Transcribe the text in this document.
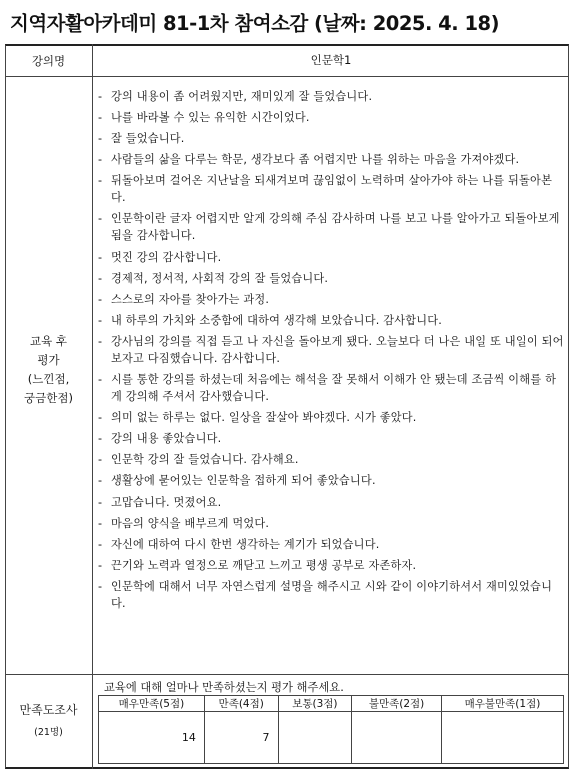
지역자활아카데미 81-1차 참여소감 (날짜: 2025. 4. 18)
강의명	인문학1
교육 후
평가
(느낀점,
궁금한점)
- 강의 내용이 좀 어려웠지만, 재미있게 잘 들었습니다.
- 나를 바라볼 수 있는 유익한 시간이었다.
- 잘 들었습니다.
- 사람들의 삶을 다루는 학문, 생각보다 좀 어렵지만 나를 위하는 마음을 가져야겠다.
- 뒤돌아보며 걸어온 지난날을 되새겨보며 끊임없이 노력하며 살아가야 하는 나를 뒤돌아본다.
- 인문학이란 글자 어렵지만 알게 강의해 주심 감사하며 나를 보고 나를 알아가고 되돌아보게 됨을 감사합니다.
- 멋진 강의 감사합니다.
- 경제적, 정서적, 사회적 강의 잘 들었습니다.
- 스스로의 자아를 찾아가는 과정.
- 내 하루의 가치와 소중함에 대하여 생각해 보았습니다. 감사합니다.
- 강사님의 강의를 직접 듣고 나 자신을 돌아보게 됐다. 오늘보다 더 나은 내일 또 내일이 되어보자고 다짐했습니다. 감사합니다.
- 시를 통한 강의를 하셨는데 처음에는 해석을 잘 못해서 이해가 안 됐는데 조금씩 이해를 하게 강의해 주셔서 감사했습니다.
- 의미 없는 하루는 없다. 일상을 잘살아 봐야겠다. 시가 좋았다.
- 강의 내용 좋았습니다.
- 인문학 강의 잘 들었습니다. 감사해요.
- 생활상에 묻어있는 인문학을 접하게 되어 좋았습니다.
- 고맙습니다. 멋졌어요.
- 마음의 양식을 배부르게 먹었다.
- 자신에 대하여 다시 한번 생각하는 계기가 되었습니다.
- 끈기와 노력과 열정으로 깨닫고 느끼고 평생 공부로 자존하자.
- 인문학에 대해서 너무 자연스럽게 설명을 해주시고 시와 같이 이야기하셔서 재미있었습니다.
만족도조사
(21명)
교육에 대해 얼마나 만족하셨는지 평가 해주세요.
매우만족(5점)	만족(4점)	보통(3점)	불만족(2점)	매우불만족(1점)
14	7			
